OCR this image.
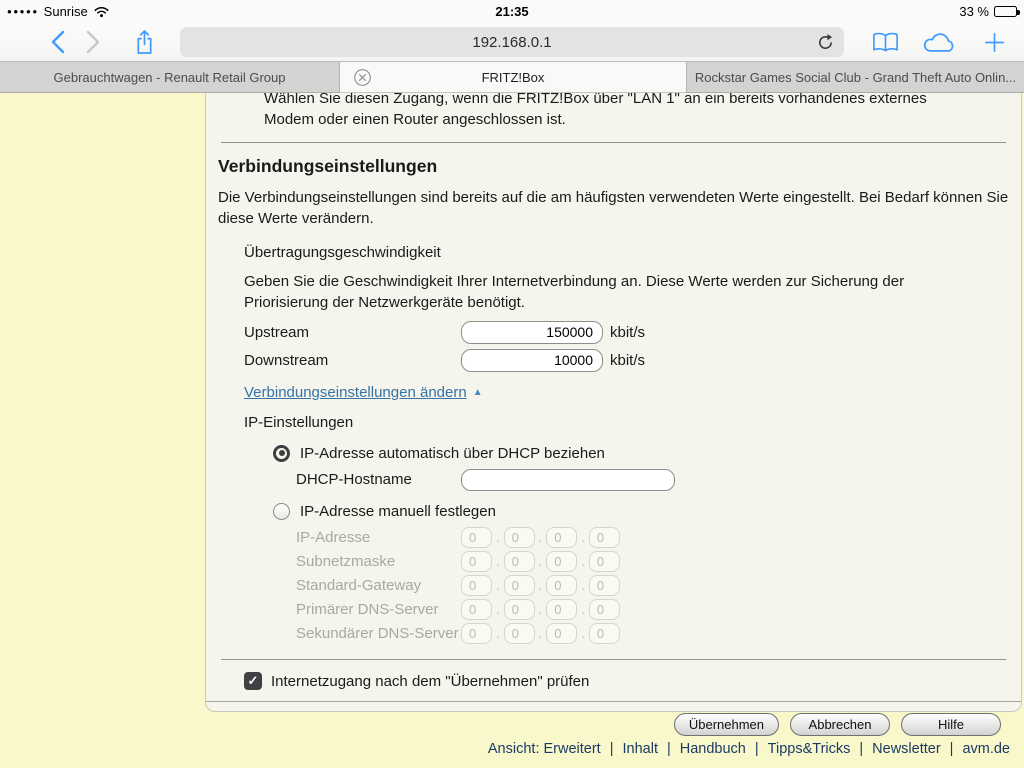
●●●●● Sunrise	21:35	33 %
192.168.0.1
Gebrauchtwagen - Renault Retail Group	FRITZ!Box	Rockstar Games Social Club - Grand Theft Auto Onlin...

Wählen Sie diesen Zugang, wenn die FRITZ!Box über "LAN 1" an ein bereits vorhandenes externes Modem oder einen Router angeschlossen ist.

Verbindungseinstellungen

Die Verbindungseinstellungen sind bereits auf die am häufigsten verwendeten Werte eingestellt. Bei Bedarf können Sie diese Werte verändern.

Übertragungsgeschwindigkeit

Geben Sie die Geschwindigkeit Ihrer Internetverbindung an. Diese Werte werden zur Sicherung der Priorisierung der Netzwerkgeräte benötigt.

Upstream
150000	kbit/s
Downstream
10000	kbit/s
Verbindungseinstellungen ändern ▲
IP-Einstellungen
IP-Adresse automatisch über DHCP beziehen
DHCP-Hostname
IP-Adresse manuell festlegen
IP-Adresse
0	.
0	.
0	.
0
Subnetzmaske
0	.
0	.
0	.
0
Standard-Gateway
0	.
0	.
0	.
0
Primärer DNS-Server
0	.
0	.
0	.
0
Sekundärer DNS-Server
0	.
0	.
0	.
0
✓ Internetzugang nach dem "Übernehmen" prüfen
Übernehmen	Abbrechen	Hilfe
Ansicht: Erweitert | Inhalt | Handbuch | Tipps&Tricks | Newsletter | avm.de
